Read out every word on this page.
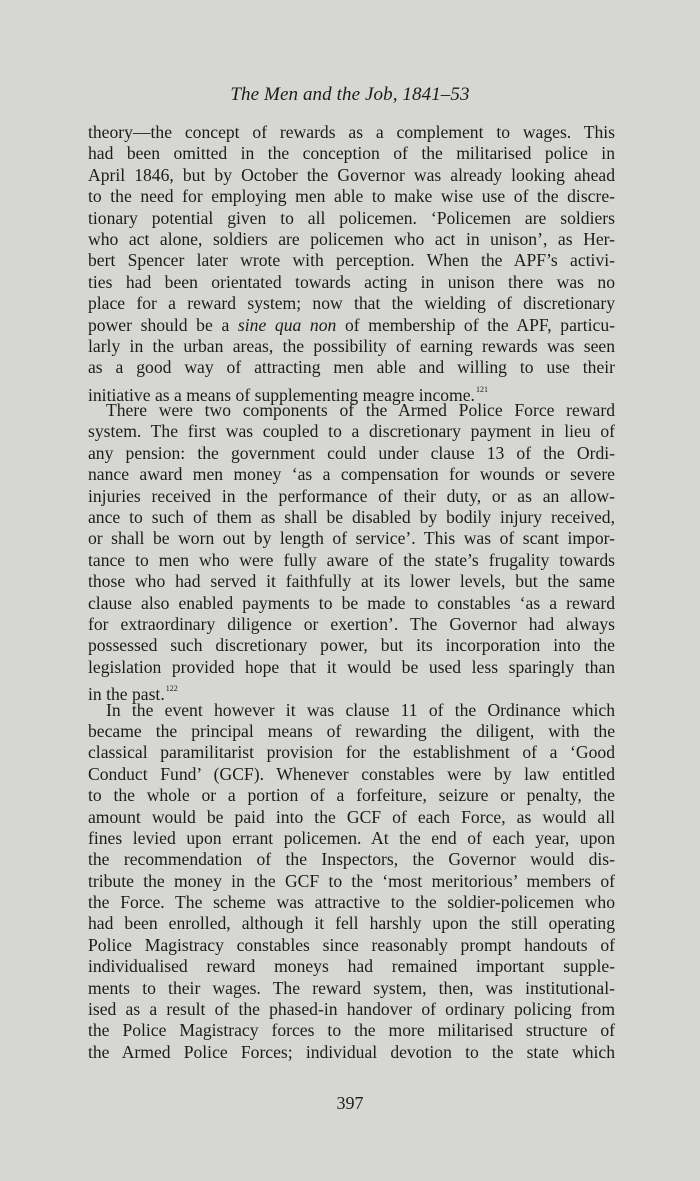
The Men and the Job, 1841–53
theory—the concept of rewards as a complement to wages. This
had been omitted in the conception of the militarised police in
April 1846, but by October the Governor was already looking ahead
to the need for employing men able to make wise use of the discre-
tionary potential given to all policemen. ‘Policemen are soldiers
who act alone, soldiers are policemen who act in unison’, as Her-
bert Spencer later wrote with perception. When the APF’s activi-
ties had been orientated towards acting in unison there was no
place for a reward system; now that the wielding of discretionary
power should be a sine qua non of membership of the APF, particu-
larly in the urban areas, the possibility of earning rewards was seen
as a good way of attracting men able and willing to use their
initiative as a means of supplementing meagre income.$^{121}$
There were two components of the Armed Police Force reward
system. The first was coupled to a discretionary payment in lieu of
any pension: the government could under clause 13 of the Ordi-
nance award men money ‘as a compensation for wounds or severe
injuries received in the performance of their duty, or as an allow-
ance to such of them as shall be disabled by bodily injury received,
or shall be worn out by length of service’. This was of scant impor-
tance to men who were fully aware of the state’s frugality towards
those who had served it faithfully at its lower levels, but the same
clause also enabled payments to be made to constables ‘as a reward
for extraordinary diligence or exertion’. The Governor had always
possessed such discretionary power, but its incorporation into the
legislation provided hope that it would be used less sparingly than
in the past.$^{122}$
In the event however it was clause 11 of the Ordinance which
became the principal means of rewarding the diligent, with the
classical paramilitarist provision for the establishment of a ‘Good
Conduct Fund’ (GCF). Whenever constables were by law entitled
to the whole or a portion of a forfeiture, seizure or penalty, the
amount would be paid into the GCF of each Force, as would all
fines levied upon errant policemen. At the end of each year, upon
the recommendation of the Inspectors, the Governor would dis-
tribute the money in the GCF to the ‘most meritorious’ members of
the Force. The scheme was attractive to the soldier-policemen who
had been enrolled, although it fell harshly upon the still operating
Police Magistracy constables since reasonably prompt handouts of
individualised reward moneys had remained important supple-
ments to their wages. The reward system, then, was institutional-
ised as a result of the phased-in handover of ordinary policing from
the Police Magistracy forces to the more militarised structure of
the Armed Police Forces; individual devotion to the state which
397
